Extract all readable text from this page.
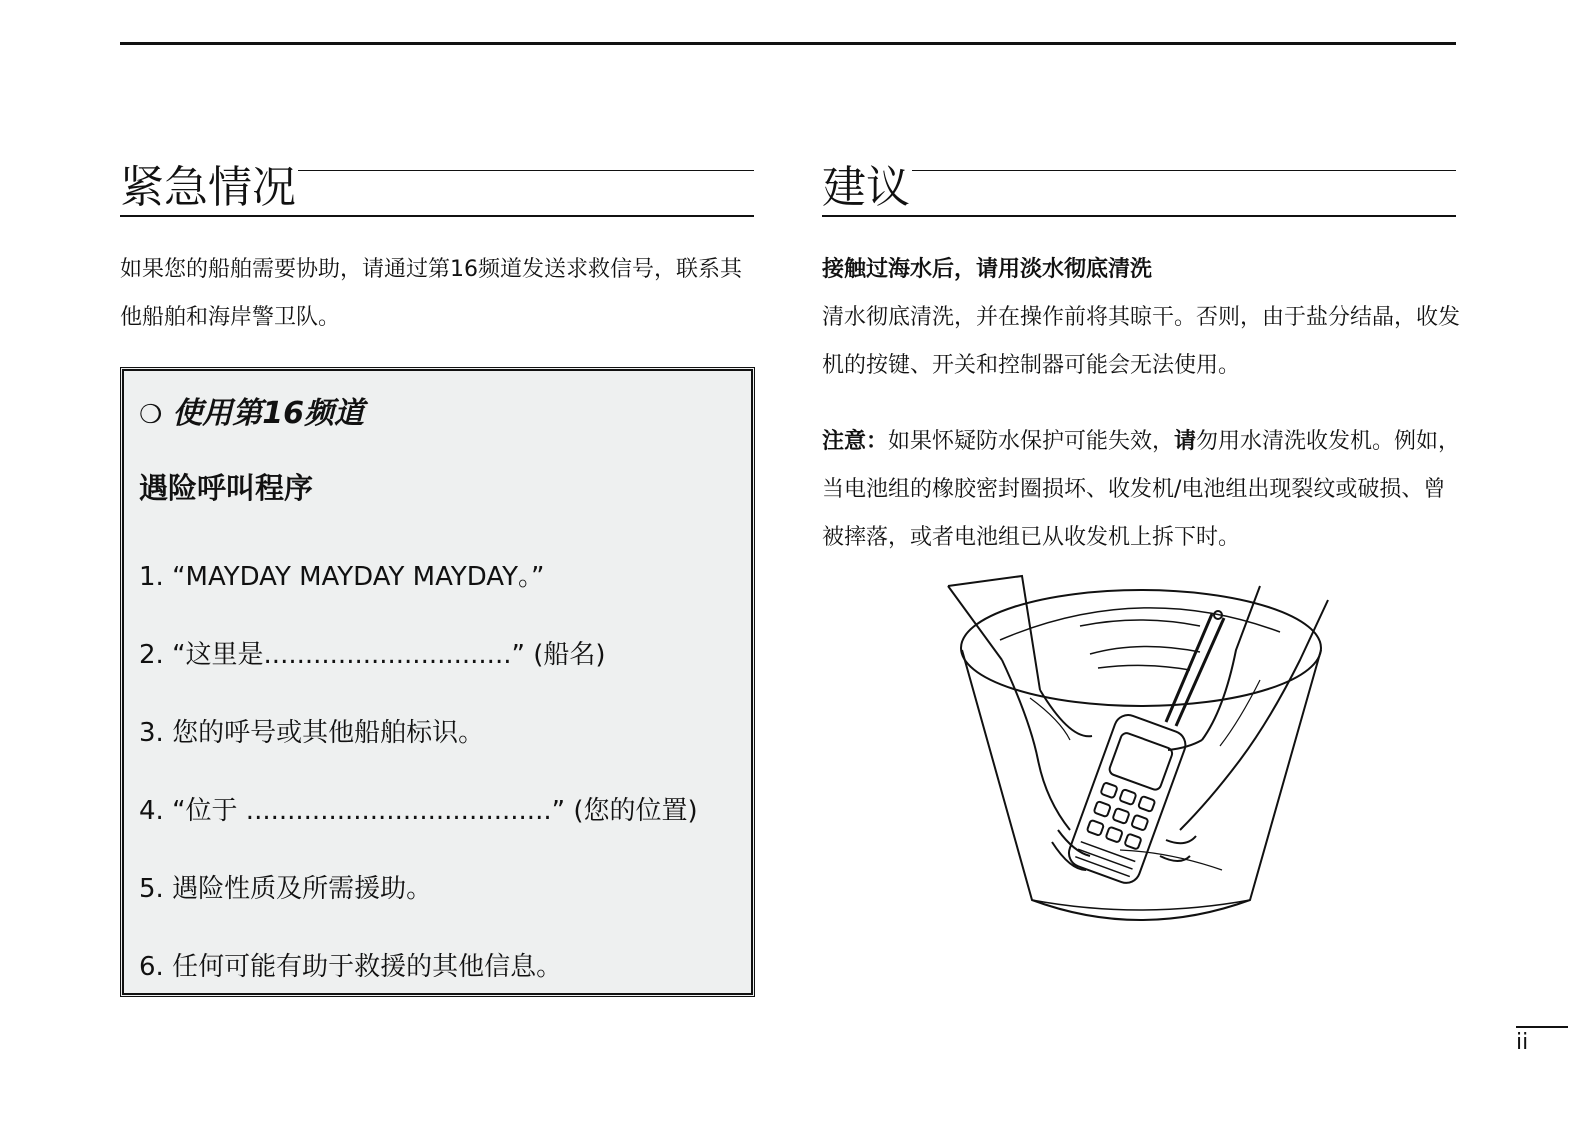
紧急情况

如果您的船舶需要协助，请通过第16频道发送求救信号，联系其他船舶和海岸警卫队。

❍ 使用第16频道
遇险呼叫程序
1. “MAYDAY MAYDAY MAYDAY。”
2. “这里是..............................” (船名)
3. 您的呼号或其他船舶标识。
4. “位于 .....................................” (您的位置)
5. 遇险性质及所需援助。
6. 任何可能有助于救援的其他信息。
建议

接触过海水后，请用淡水彻底清洗

清水彻底清洗，并在操作前将其晾干。否则，由于盐分结晶，收发机的按键、开关和控制器可能会无法使用。

注意：如果怀疑防水保护可能失效，请勿用水清洗收发机。例如，当电池组的橡胶密封圈损坏、收发机/电池组出现裂纹或破损、曾被摔落，或者电池组已从收发机上拆下时。

ii
